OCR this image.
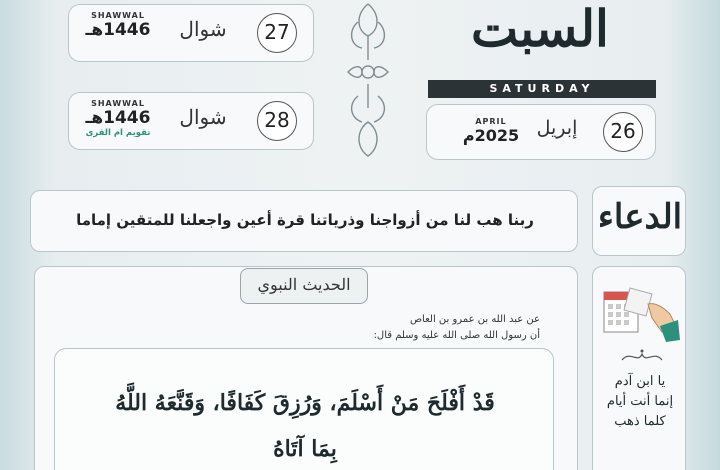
SHAWWAL
1446هـ	شوال	27
SHAWWAL
1446هـ
تقويم ام القرى
شوال	28
السبت
SATURDAY
APRIL
2025م إبريل	26
ربنا هب لنا من أزواجنا وذرياتنا قرة أعين واجعلنا للمتقين إماما	الدعاء
الحديث النبوي
عن عبد الله بن عمرو بن العاص
أن رسول الله صلى الله عليه وسلم قال:
قَدْ أَفْلَحَ مَنْ أَسْلَمَ، وَرُزِقَ كَفَافًا، وَقَنَّعَهُ اللَّهُ
بِمَا آتَاهُ
يا ابن آدم
إنما أنت أيام
كلما ذهب
